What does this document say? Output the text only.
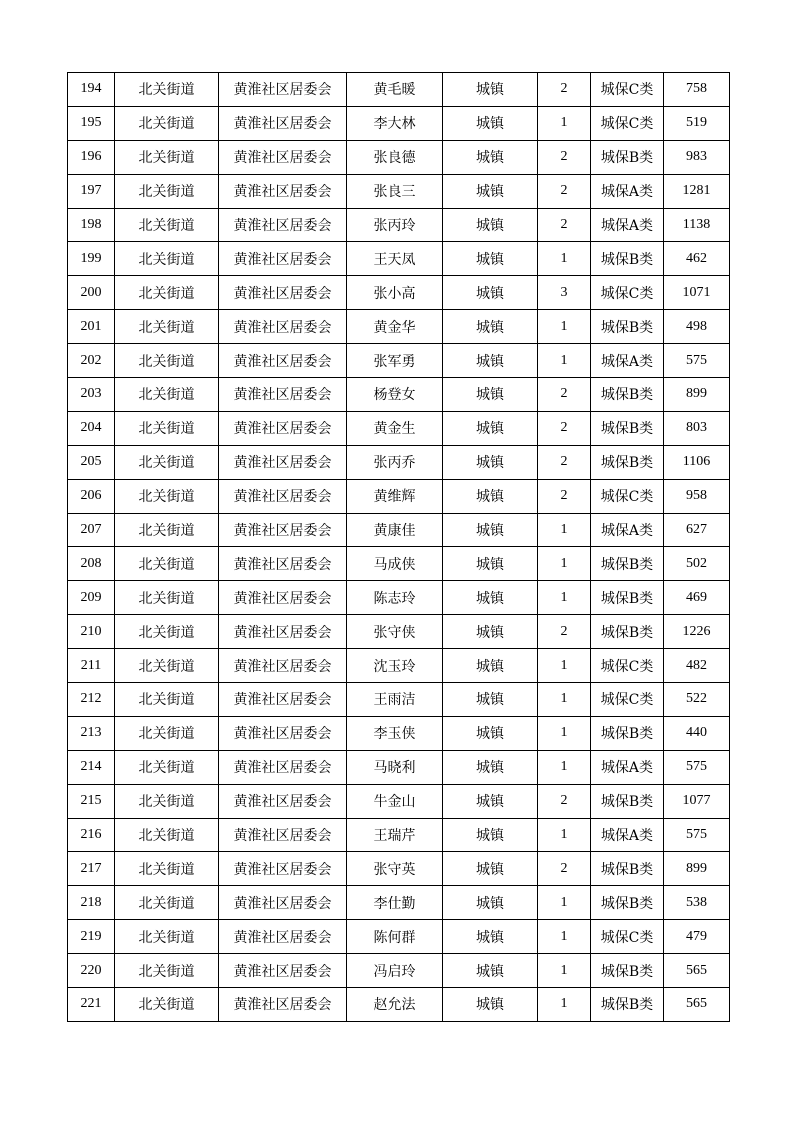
194	北关街道	黄淮社区居委会	黄毛暖	城镇	2	城保C类	758
195	北关街道	黄淮社区居委会	李大林	城镇	1	城保C类	519
196	北关街道	黄淮社区居委会	张良德	城镇	2	城保B类	983
197	北关街道	黄淮社区居委会	张良三	城镇	2	城保A类	1281
198	北关街道	黄淮社区居委会	张丙玲	城镇	2	城保A类	1138
199	北关街道	黄淮社区居委会	王天凤	城镇	1	城保B类	462
200	北关街道	黄淮社区居委会	张小高	城镇	3	城保C类	1071
201	北关街道	黄淮社区居委会	黄金华	城镇	1	城保B类	498
202	北关街道	黄淮社区居委会	张军勇	城镇	1	城保A类	575
203	北关街道	黄淮社区居委会	杨登女	城镇	2	城保B类	899
204	北关街道	黄淮社区居委会	黄金生	城镇	2	城保B类	803
205	北关街道	黄淮社区居委会	张丙乔	城镇	2	城保B类	1106
206	北关街道	黄淮社区居委会	黄维辉	城镇	2	城保C类	958
207	北关街道	黄淮社区居委会	黄康佳	城镇	1	城保A类	627
208	北关街道	黄淮社区居委会	马成侠	城镇	1	城保B类	502
209	北关街道	黄淮社区居委会	陈志玲	城镇	1	城保B类	469
210	北关街道	黄淮社区居委会	张守侠	城镇	2	城保B类	1226
211	北关街道	黄淮社区居委会	沈玉玲	城镇	1	城保C类	482
212	北关街道	黄淮社区居委会	王雨洁	城镇	1	城保C类	522
213	北关街道	黄淮社区居委会	李玉侠	城镇	1	城保B类	440
214	北关街道	黄淮社区居委会	马晓利	城镇	1	城保A类	575
215	北关街道	黄淮社区居委会	牛金山	城镇	2	城保B类	1077
216	北关街道	黄淮社区居委会	王瑞芹	城镇	1	城保A类	575
217	北关街道	黄淮社区居委会	张守英	城镇	2	城保B类	899
218	北关街道	黄淮社区居委会	李仕勤	城镇	1	城保B类	538
219	北关街道	黄淮社区居委会	陈何群	城镇	1	城保C类	479
220	北关街道	黄淮社区居委会	冯启玲	城镇	1	城保B类	565
221	北关街道	黄淮社区居委会	赵允法	城镇	1	城保B类	565
